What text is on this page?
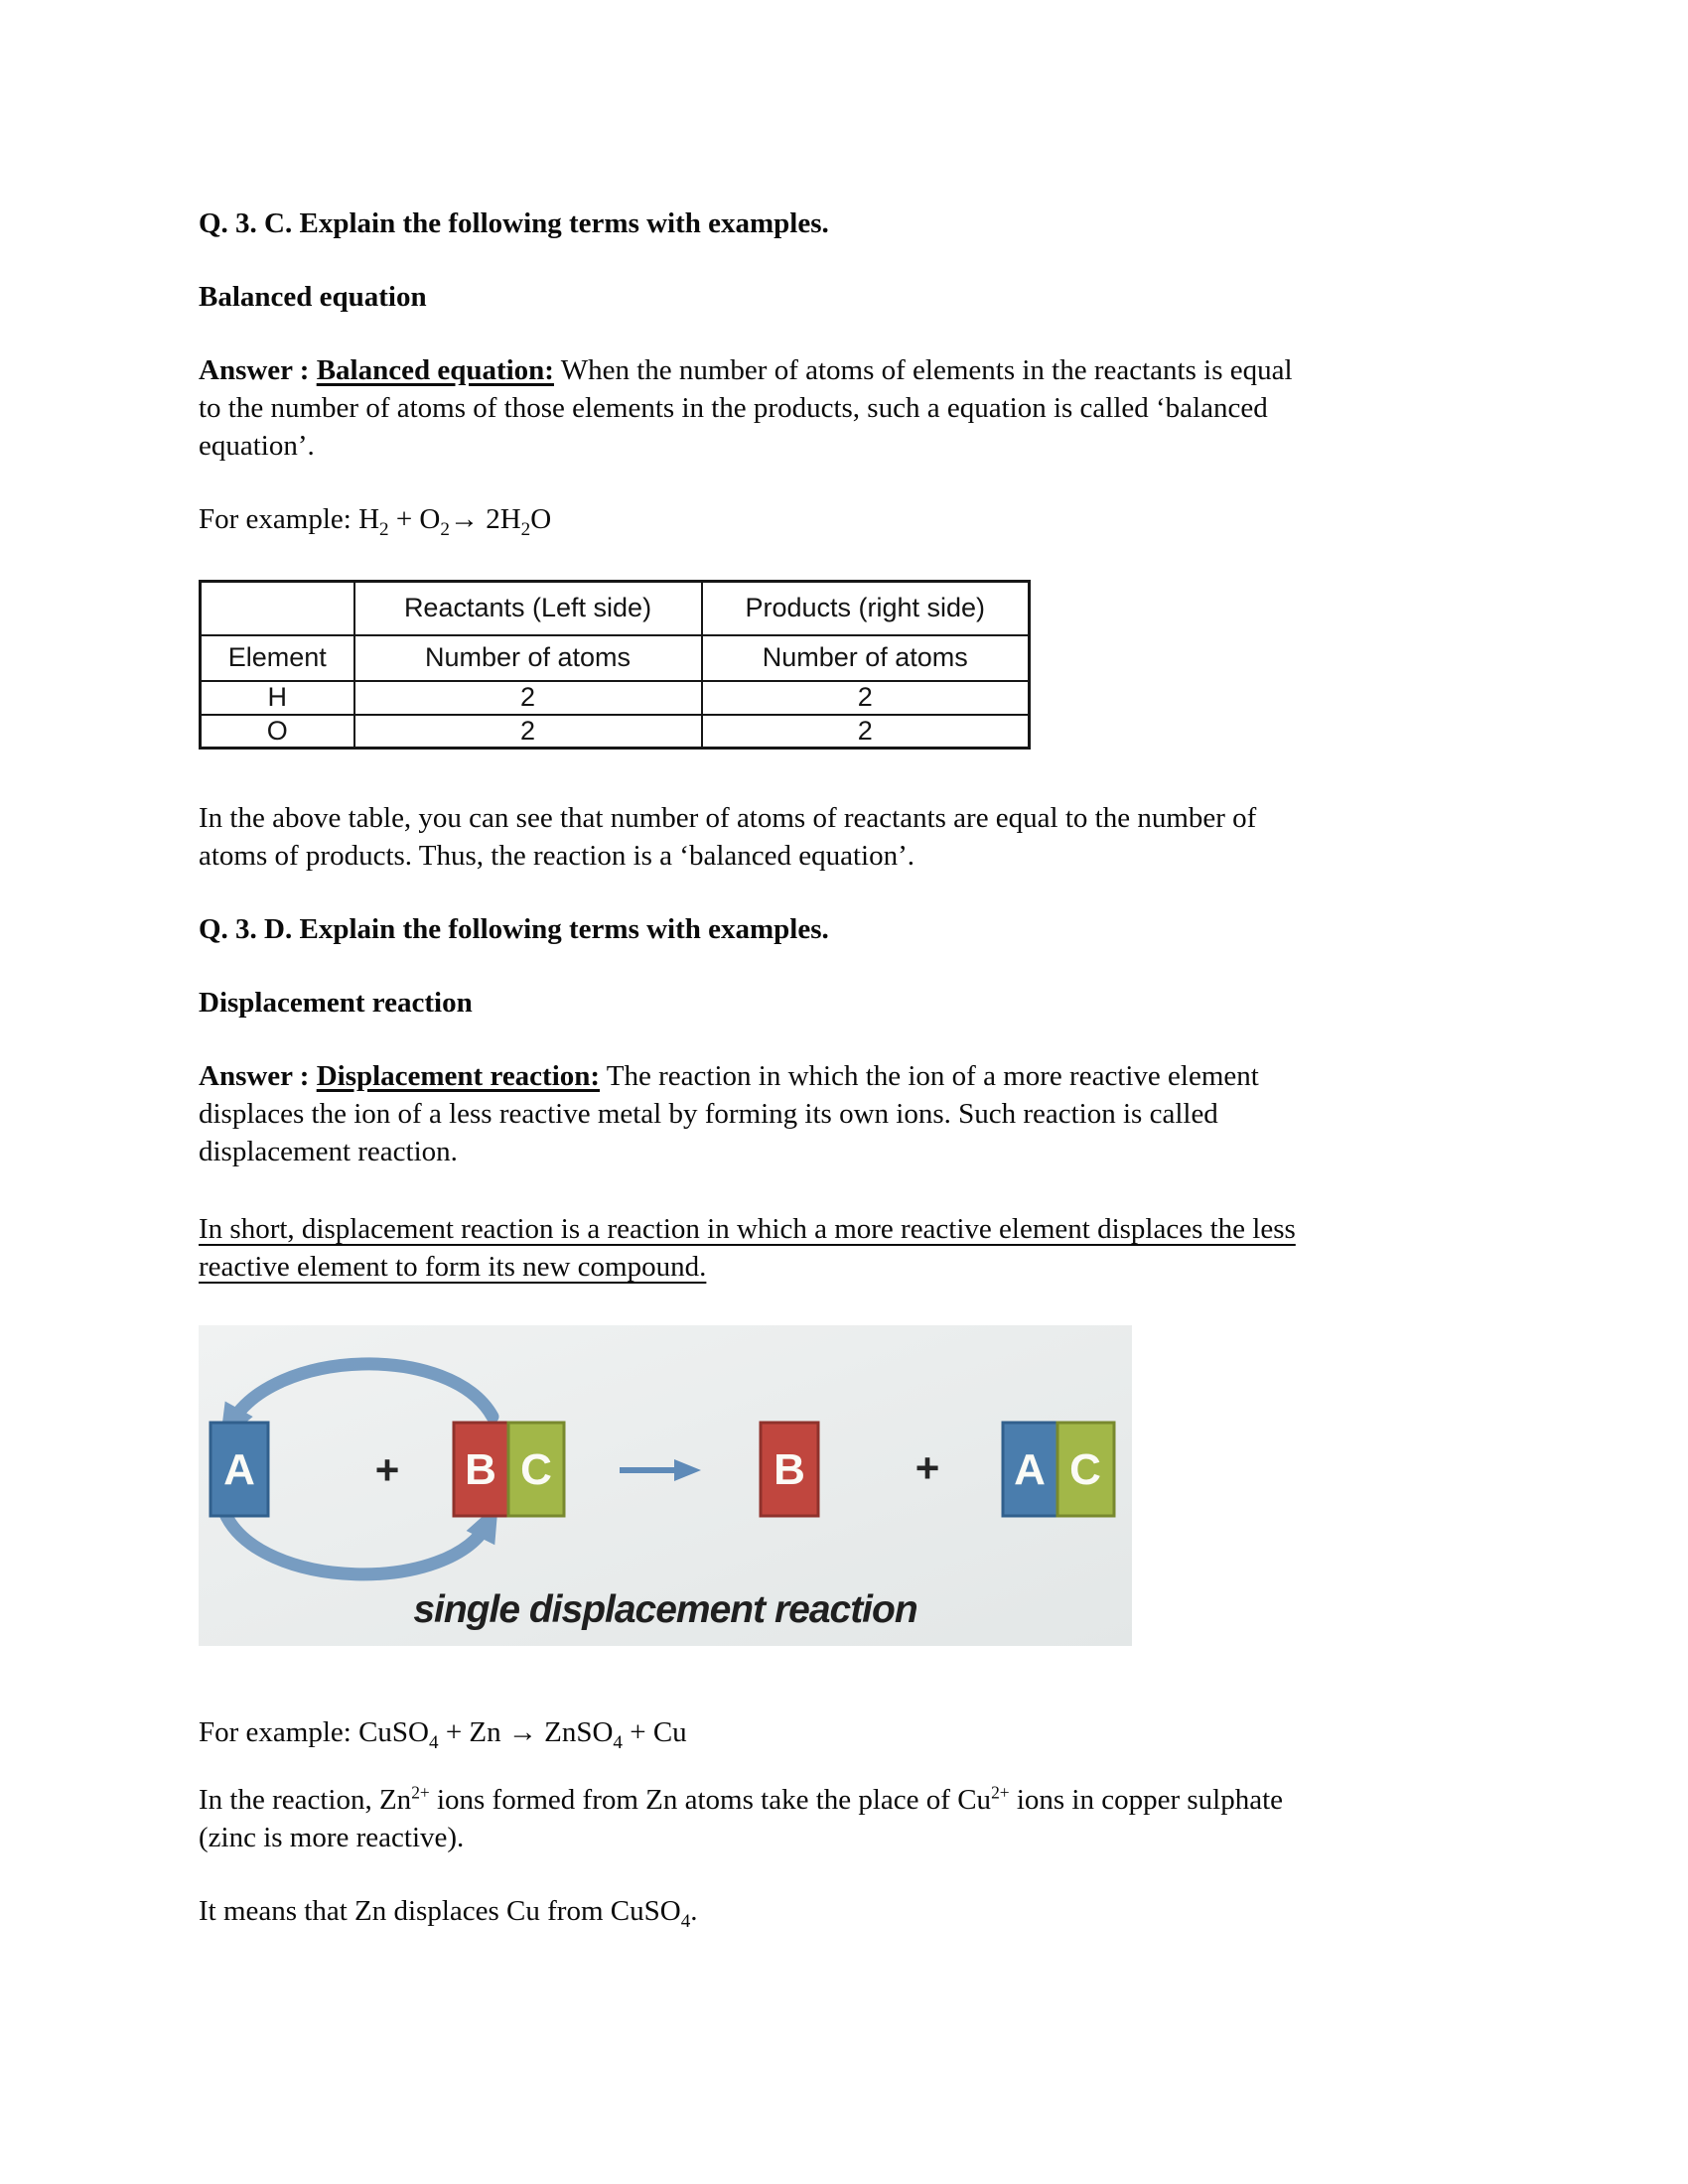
Q. 3. C. Explain the following terms with examples.
Balanced equation
Answer : Balanced equation: When the number of atoms of elements in the reactants is equal
to the number of atoms of those elements in the products, such a equation is called ‘balanced
equation’.
For example: $H_2 + O_2\to 2H_2O$
	Reactants (Left side)	Products (right side)
Element	Number of atoms	Number of atoms
H	2	2
O	2	2
In the above table, you can see that number of atoms of reactants are equal to the number of
atoms of products. Thus, the reaction is a ‘balanced equation’.
Q. 3. D. Explain the following terms with examples.
Displacement reaction
Answer : Displacement reaction: The reaction in which the ion of a more reactive element
displaces the ion of a less reactive metal by forming its own ions. Such reaction is called
displacement reaction.
In short, displacement reaction is a reaction in which a more reactive element displaces the less
reactive element to form its new compound.
A	B C	B	A C
+	+
single displacement reaction
For example: CuSO$_4$ + Zn → ZnSO$_4$ + Cu
In the reaction, $Zn^{2+}$ ions formed from Zn atoms take the place of $Cu^{2+}$ ions in copper sulphate
(zinc is more reactive).
It means that Zn displaces Cu from CuSO$_4$.
